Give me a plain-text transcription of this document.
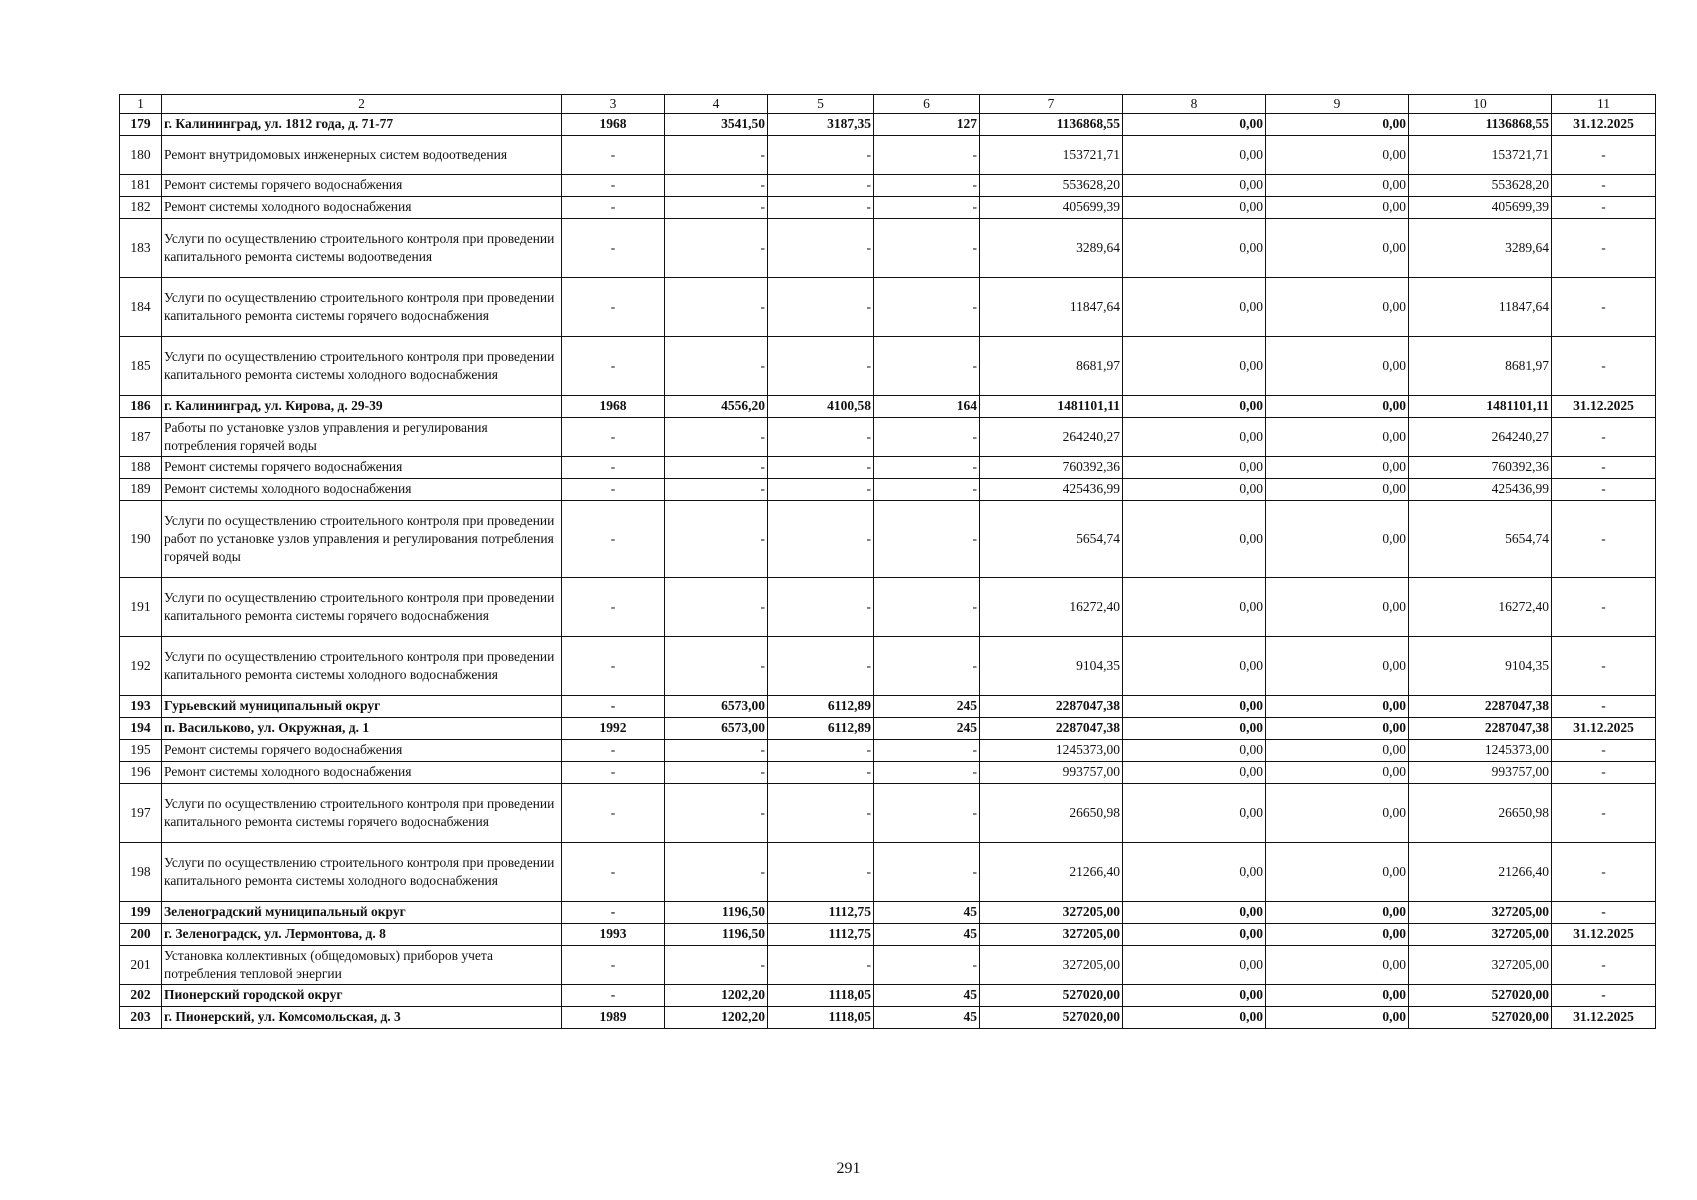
1	2	3	4	5	6	7	8	9	10	11
179	г. Калининград, ул. 1812 года, д. 71-77	1968	3541,50	3187,35	127	1136868,55	0,00	0,00	1136868,55	31.12.2025
180	Ремонт внутридомовых инженерных систем водоотведения	-	-	-	-	153721,71	0,00	0,00	153721,71	-
181	Ремонт системы горячего водоснабжения	-	-	-	-	553628,20	0,00	0,00	553628,20	-
182	Ремонт системы холодного водоснабжения	-	-	-	-	405699,39	0,00	0,00	405699,39	-
183	Услуги по осуществлению строительного контроля при проведении капитального ремонта системы водоотведения	-	-	-	-	3289,64	0,00	0,00	3289,64	-
184	Услуги по осуществлению строительного контроля при проведении капитального ремонта системы горячего водоснабжения	-	-	-	-	11847,64	0,00	0,00	11847,64	-
185	Услуги по осуществлению строительного контроля при проведении капитального ремонта системы холодного водоснабжения	-	-	-	-	8681,97	0,00	0,00	8681,97	-
186	г. Калининград, ул. Кирова, д. 29-39	1968	4556,20	4100,58	164	1481101,11	0,00	0,00	1481101,11	31.12.2025
187	Работы по установке узлов управления и регулирования потребления горячей воды	-	-	-	-	264240,27	0,00	0,00	264240,27	-
188	Ремонт системы горячего водоснабжения	-	-	-	-	760392,36	0,00	0,00	760392,36	-
189	Ремонт системы холодного водоснабжения	-	-	-	-	425436,99	0,00	0,00	425436,99	-
190	Услуги по осуществлению строительного контроля при проведении работ по установке узлов управления и регулирования потребления горячей воды	-	-	-	-	5654,74	0,00	0,00	5654,74	-
191	Услуги по осуществлению строительного контроля при проведении капитального ремонта системы горячего водоснабжения	-	-	-	-	16272,40	0,00	0,00	16272,40	-
192	Услуги по осуществлению строительного контроля при проведении капитального ремонта системы холодного водоснабжения	-	-	-	-	9104,35	0,00	0,00	9104,35	-
193	Гурьевский муниципальный округ	-	6573,00	6112,89	245	2287047,38	0,00	0,00	2287047,38	-
194	п. Васильково, ул. Окружная, д. 1	1992	6573,00	6112,89	245	2287047,38	0,00	0,00	2287047,38	31.12.2025
195	Ремонт системы горячего водоснабжения	-	-	-	-	1245373,00	0,00	0,00	1245373,00	-
196	Ремонт системы холодного водоснабжения	-	-	-	-	993757,00	0,00	0,00	993757,00	-
197	Услуги по осуществлению строительного контроля при проведении капитального ремонта системы горячего водоснабжения	-	-	-	-	26650,98	0,00	0,00	26650,98	-
198	Услуги по осуществлению строительного контроля при проведении капитального ремонта системы холодного водоснабжения	-	-	-	-	21266,40	0,00	0,00	21266,40	-
199	Зеленоградский муниципальный округ	-	1196,50	1112,75	45	327205,00	0,00	0,00	327205,00	-
200	г. Зеленоградск, ул. Лермонтова, д. 8	1993	1196,50	1112,75	45	327205,00	0,00	0,00	327205,00	31.12.2025
201	Установка коллективных (общедомовых) приборов учета потребления тепловой энергии	-	-	-	-	327205,00	0,00	0,00	327205,00	-
202	Пионерский городской округ	-	1202,20	1118,05	45	527020,00	0,00	0,00	527020,00	-
203	г. Пионерский, ул. Комсомольская, д. 3	1989	1202,20	1118,05	45	527020,00	0,00	0,00	527020,00	31.12.2025
291
